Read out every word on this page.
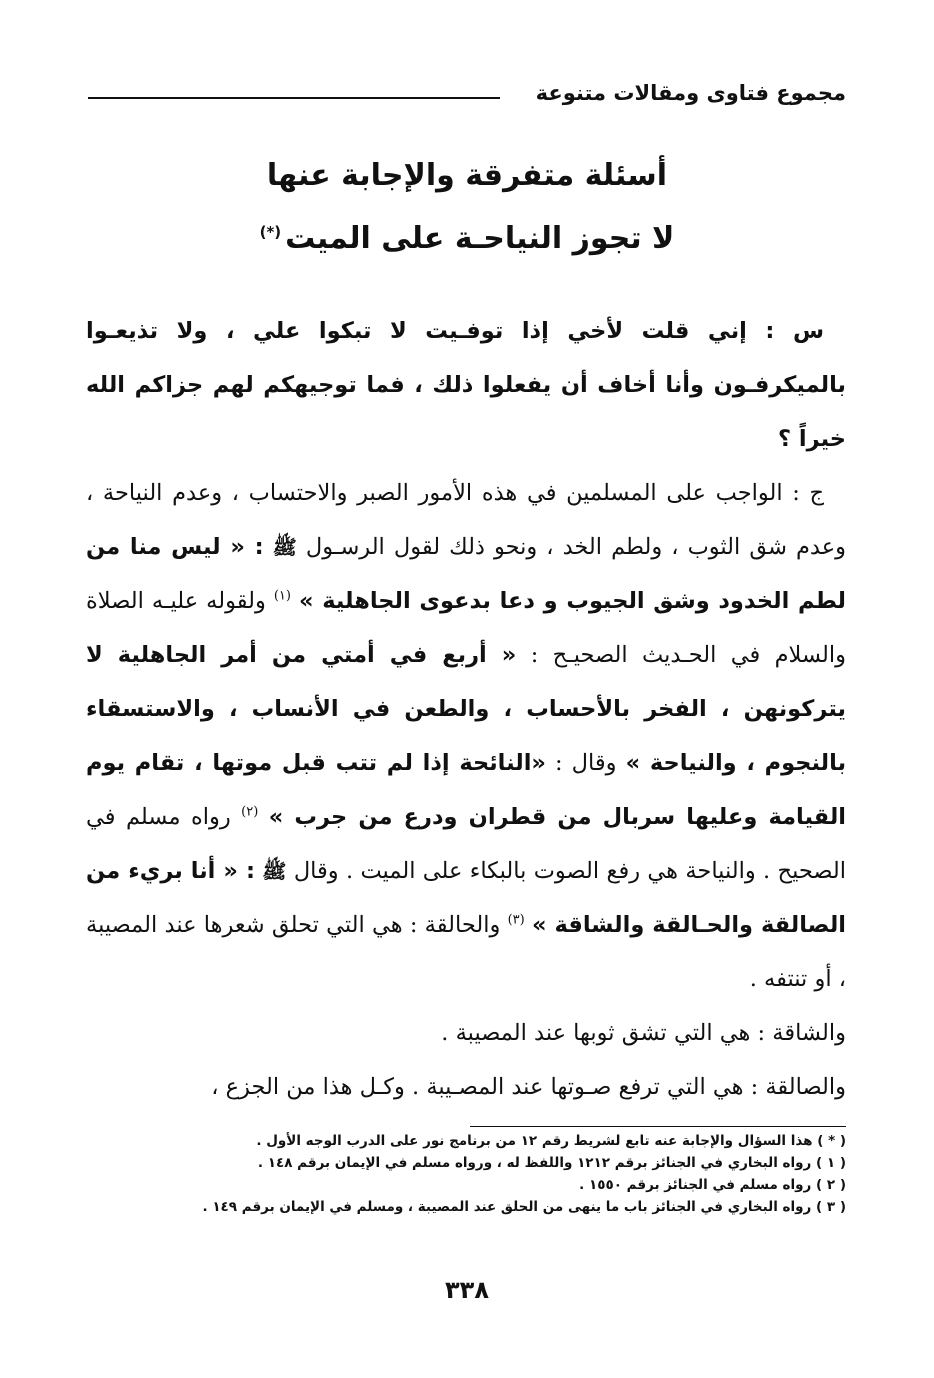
مجموع فتاوى ومقالات متنوعة
أسئلة متفرقة والإجابة عنها
لا تجوز النياحـة على الميت(*)

س : إني قلت لأخي إذا توفـيت لا تبكوا علي ، ولا تذيعـوا بالميكرفـون وأنا أخاف أن يفعلوا ذلك ، فما توجيهكم لهم جزاكم الله خيراً ؟

ج : الواجب على المسلمين في هذه الأمور الصبر والاحتساب ، وعدم النياحة ، وعدم شق الثوب ، ولطم الخد ، ونحو ذلك لقول الرسـول ﷺ : « ليس منا من لطم الخدود وشق الجيوب و دعا بدعوى الجاهلية » $^{(١)}$ ولقوله عليـه الصلاة والسلام في الحـديث الصحيـح : « أربع في أمتي من أمر الجاهلية لا يتركونهن ، الفخر بالأحساب ، والطعن في الأنساب ، والاستسقاء بالنجوم ، والنياحة » وقال : «النائحة إذا لم تتب قبل موتها ، تقام يوم القيامة وعليها سربال من قطران ودرع من جرب » $^{(٢)}$ رواه مسلم في الصحيح . والنياحة هي رفع الصوت بالبكاء على الميت . وقال ﷺ : « أنا بريء من الصالقة والحـالقة والشاقة » $^{(٣)}$ والحالقة : هي التي تحلق شعرها عند المصيبة ، أو تنتفه .

والشاقة : هي التي تشق ثوبها عند المصيبة .

والصالقة : هي التي ترفع صـوتها عند المصـيبة . وكـل هذا من الجزع ،

( * ) هذا السؤال والإجابة عنه تابع لشريط رقم ١٢ من برنامج نور على الدرب الوجه الأول .
( ١ ) رواه البخاري في الجنائز برقم ١٢١٢ واللفظ له ، ورواه مسلم في الإيمان برقم ١٤٨ .
( ٢ ) رواه مسلم في الجنائز برقم ١٥٥٠ .
( ٣ ) رواه البخاري في الجنائز باب ما ينهى من الحلق عند المصيبة ، ومسلم في الإيمان برقم ١٤٩ .
٣٣٨
